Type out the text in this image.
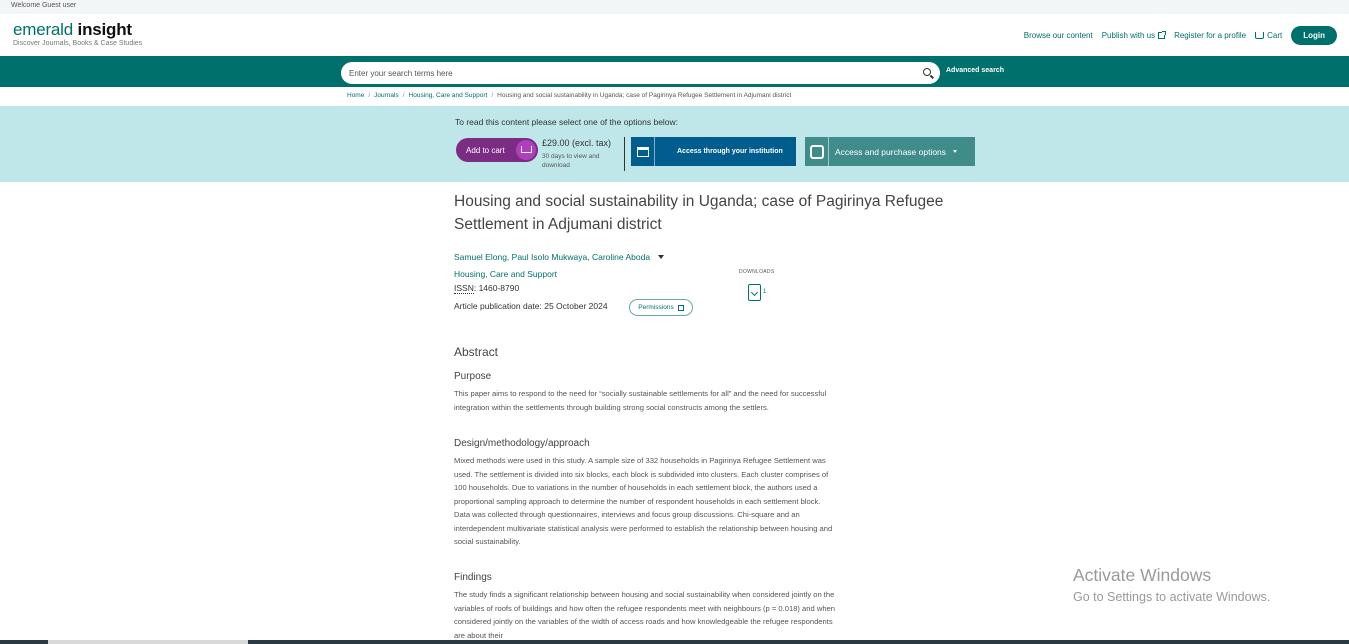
Welcome Guest user
emerald insight
Discover Journals, Books & Case Studies
Browse our content Publish with us Register for a profile	Cart	Login
Enter your search terms here
Advanced search
Home / Journals / Housing, Care and Support / Housing and social sustainability in Uganda; case of Pagirinya Refugee Settlement in Adjumani district
To read this content please select one of the options below:
Add to cart
£29.00 (excl. tax)
30 days to view and download
Access through your institution	Access and purchase options
Housing and social sustainability in Uganda; case of Pagirinya Refugee Settlement in Adjumani district
Samuel Elong, Paul Isolo Mukwaya, Caroline Aboda
Housing, Care and Support
ISSN: 1460-8790
Article publication date: 25 October 2024	Permissions
DOWNLOADS
1
Abstract
Purpose
This paper aims to respond to the need for “socially sustainable settlements for all” and the need for successful integration within the settlements through building strong social constructs among the settlers.
Design/methodology/approach
Mixed methods were used in this study. A sample size of 332 households in Pagirinya Refugee Settlement was used. The settlement is divided into six blocks, each block is subdivided into clusters. Each cluster comprises of 100 households. Due to variations in the number of households in each settlement block, the authors used a proportional sampling approach to determine the number of respondent households in each settlement block. Data was collected through questionnaires, interviews and focus group discussions. Chi-square and an interdependent multivariate statistical analysis were performed to establish the relationship between housing and social sustainability.
Findings
The study finds a significant relationship between housing and social sustainability when considered jointly on the variables of roofs of buildings and how often the refugee respondents meet with neighbours (p = 0.018) and when considered jointly on the variables of the width of access roads and how knowledgeable the refugee respondents are about their
Activate Windows
Go to Settings to activate Windows.
